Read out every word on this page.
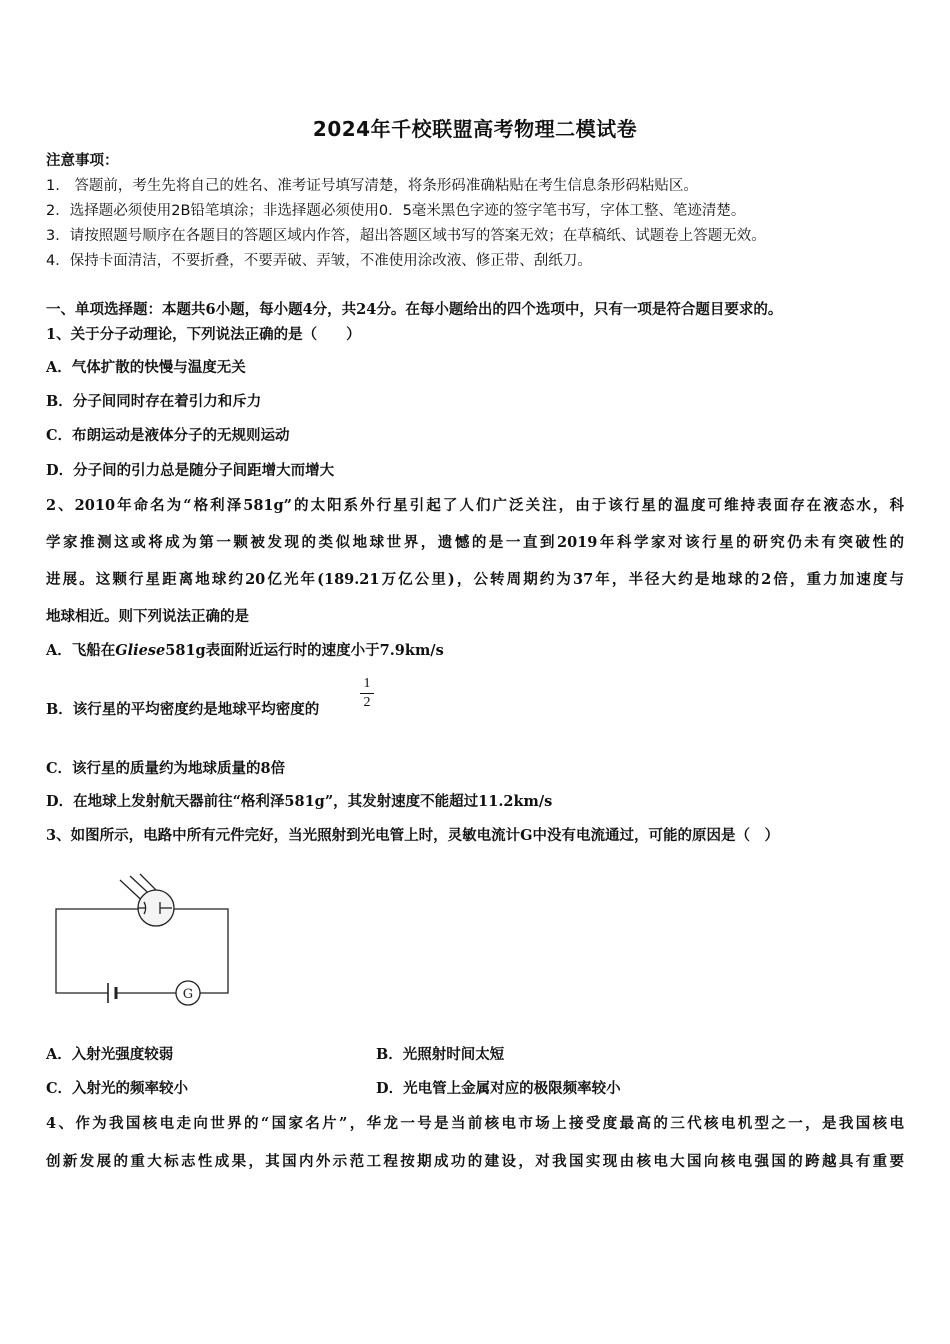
2024年千校联盟高考物理二模试卷
注意事项：
1.　答题前，考生先将自己的姓名、准考证号填写清楚，将条形码准确粘贴在考生信息条形码粘贴区。
2．选择题必须使用2B铅笔填涂；非选择题必须使用0．5毫米黑色字迹的签字笔书写，字体工整、笔迹清楚。
3．请按照题号顺序在各题目的答题区域内作答，超出答题区域书写的答案无效；在草稿纸、试题卷上答题无效。
4．保持卡面清洁，不要折叠，不要弄破、弄皱，不准使用涂改液、修正带、刮纸刀。
一、单项选择题：本题共6小题，每小题4分，共24分。在每小题给出的四个选项中，只有一项是符合题目要求的。
1、关于分子动理论，下列说法正确的是（　　）
A．气体扩散的快慢与温度无关
B．分子间同时存在着引力和斥力
C．布朗运动是液体分子的无规则运动
D．分子间的引力总是随分子间距增大而增大
2、2010年命名为“格利泽581g”的太阳系外行星引起了人们广泛关注，由于该行星的温度可维持表面存在液态水，科
学家推测这或将成为第一颗被发现的类似地球世界，遗憾的是一直到2019年科学家对该行星的研究仍未有突破性的
进展。这颗行星距离地球约20亿光年(189.21万亿公里)，公转周期约为37年，半径大约是地球的2倍，重力加速度与
地球相近。则下列说法正确的是
A．飞船在Gliese581g表面附近运行时的速度小于7.9km/s
B．该行星的平均密度约是地球平均密度的
1
2
C．该行星的质量约为地球质量的8倍
D．在地球上发射航天器前往“格利泽581g”，其发射速度不能超过11.2km/s
3、如图所示，电路中所有元件完好，当光照射到光电管上时，灵敏电流计G中没有电流通过，可能的原因是（　）
G
A．入射光强度较弱	B．光照射时间太短
C．入射光的频率较小	D．光电管上金属对应的极限频率较小
4、作为我国核电走向世界的“国家名片”，华龙一号是当前核电市场上接受度最高的三代核电机型之一，是我国核电
创新发展的重大标志性成果，其国内外示范工程按期成功的建设，对我国实现由核电大国向核电强国的跨越具有重要
